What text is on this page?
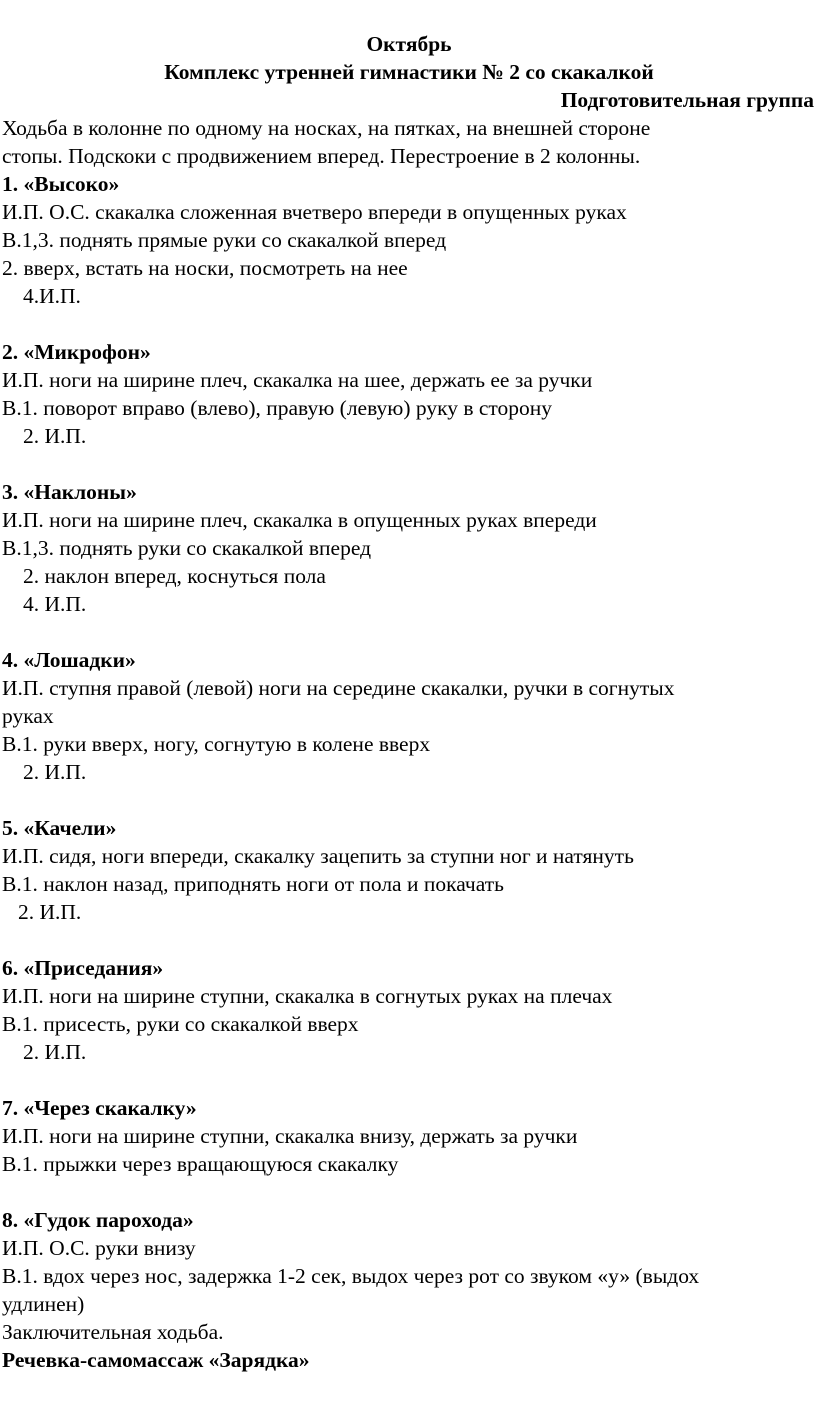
Октябрь
Комплекс утренней гимнастики № 2 со скакалкой
Подготовительная группа
Ходьба в колонне по одному на носках, на пятках, на внешней стороне
стопы. Подскоки с продвижением вперед. Перестроение в 2 колонны.
1. «Высоко»
И.П. О.С. скакалка сложенная вчетверо впереди в опущенных руках
В.1,3. поднять прямые руки со скакалкой вперед
2. вверх, встать на носки, посмотреть на нее
4.И.П.
2. «Микрофон»
И.П. ноги на ширине плеч, скакалка на шее, держать ее за ручки
В.1. поворот вправо (влево), правую (левую) руку в сторону
2. И.П.
3. «Наклоны»
И.П. ноги на ширине плеч, скакалка в опущенных руках впереди
В.1,3. поднять руки со скакалкой вперед
2. наклон вперед, коснуться пола
4. И.П.
4. «Лошадки»
И.П. ступня правой (левой) ноги на середине скакалки, ручки в согнутых
руках
В.1. руки вверх, ногу, согнутую в колене вверх
2. И.П.
5. «Качели»
И.П. сидя, ноги впереди, скакалку зацепить за ступни ног и натянуть
В.1. наклон назад, приподнять ноги от пола и покачать
2. И.П.
6. «Приседания»
И.П. ноги на ширине ступни, скакалка в согнутых руках на плечах
В.1. присесть, руки со скакалкой вверх
2. И.П.
7. «Через скакалку»
И.П. ноги на ширине ступни, скакалка внизу, держать за ручки
В.1. прыжки через вращающуюся скакалку
8. «Гудок парохода»
И.П. О.С. руки внизу
В.1. вдох через нос, задержка 1-2 сек, выдох через рот со звуком «у» (выдох
удлинен)
Заключительная ходьба.
Речевка-самомассаж «Зарядка»
